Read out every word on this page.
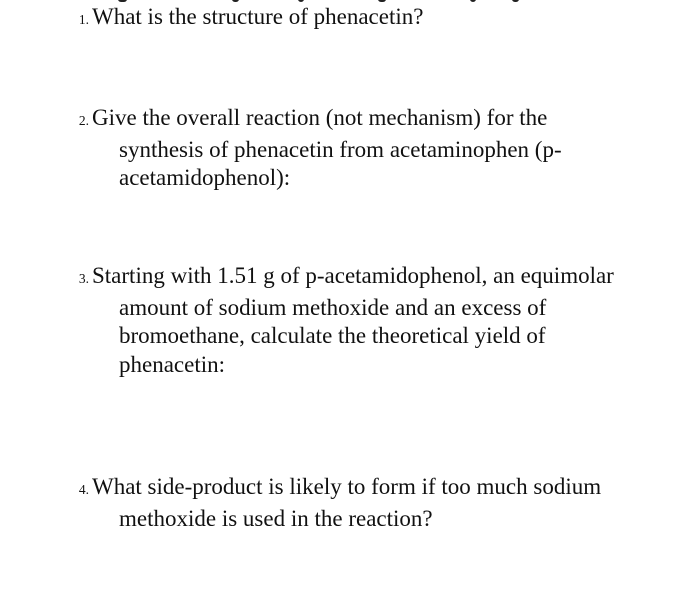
1. What is the structure of phenacetin?
2. Give the overall reaction (not mechanism) for the
synthesis of phenacetin from acetaminophen (p-acetamidophenol):
3. Starting with 1.51 g of p-acetamidophenol, an equimolar
amount of sodium methoxide and an excess of bromoethane, calculate the theoretical yield of phenacetin:
4. What side-product is likely to form if too much sodium
methoxide is used in the reaction?
